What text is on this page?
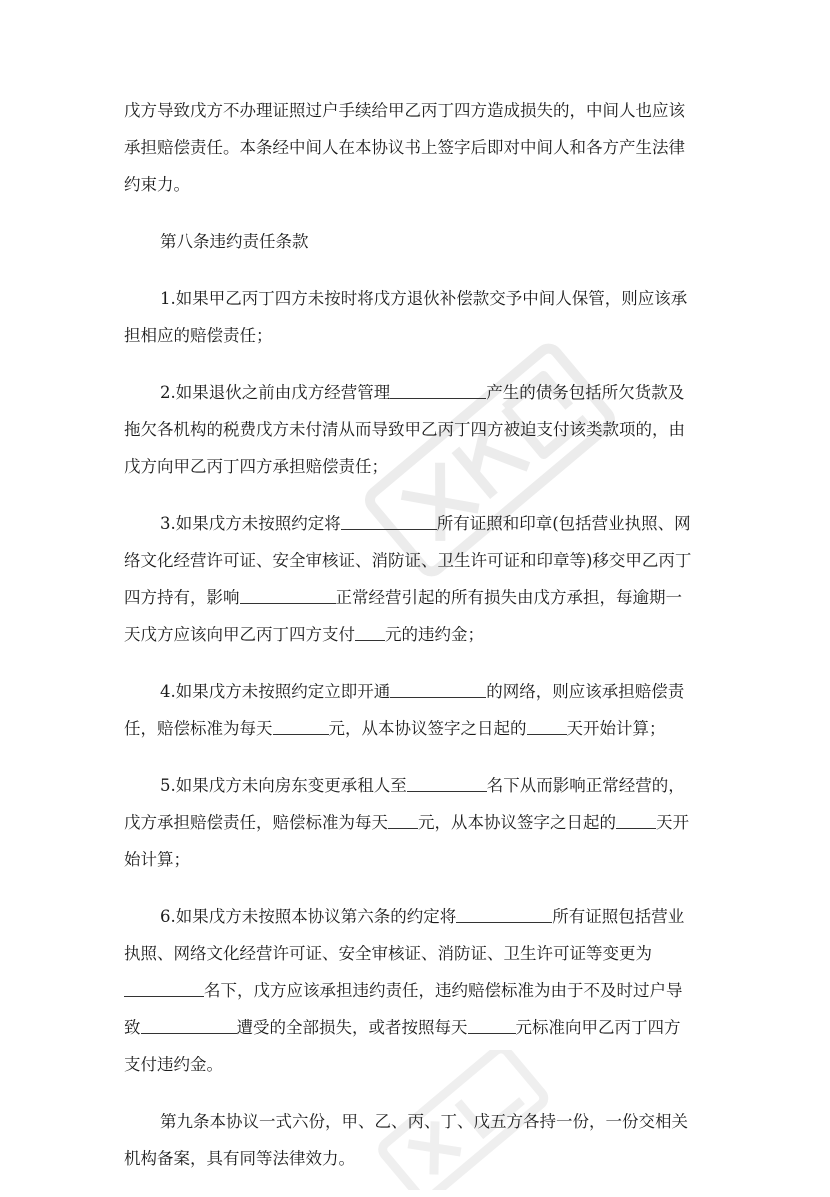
戊方导致戊方不办理证照过户手续给甲乙丙丁四方造成损失的，中间人也应该
承担赔偿责任。本条经中间人在本协议书上签字后即对中间人和各方产生法律
约束力。

第八条违约责任条款

1.如果甲乙丙丁四方未按时将戊方退伙补偿款交予中间人保管，则应该承
担相应的赔偿责任；

2.如果退伙之前由戊方经营管理	产生的债务包括所欠货款及
拖欠各机构的税费戊方未付清从而导致甲乙丙丁四方被迫支付该类款项的，由
戊方向甲乙丙丁四方承担赔偿责任；

3.如果戊方未按照约定将	所有证照和印章(包括营业执照、网
络文化经营许可证、安全审核证、消防证、卫生许可证和印章等)移交甲乙丙丁
四方持有，影响	正常经营引起的所有损失由戊方承担，每逾期一
天戊方应该向甲乙丙丁四方支付 元的违约金；

4.如果戊方未按照约定立即开通	的网络，则应该承担赔偿责
任，赔偿标准为每天	元，从本协议签字之日起的 天开始计算；

5.如果戊方未向房东变更承租人至	名下从而影响正常经营的，
戊方承担赔偿责任，赔偿标准为每天 元，从本协议签字之日起的 天开
始计算；

6.如果戊方未按照本协议第六条的约定将	所有证照包括营业
执照、网络文化经营许可证、安全审核证、消防证、卫生许可证等变更为
名下，戊方应该承担违约责任，违约赔偿标准为由于不及时过户导
致	遭受的全部损失，或者按照每天	元标准向甲乙丙丁四方
支付违约金。

第九条本协议一式六份，甲、乙、丙、丁、戊五方各持一份，一份交相关
机构备案，具有同等法律效力。
